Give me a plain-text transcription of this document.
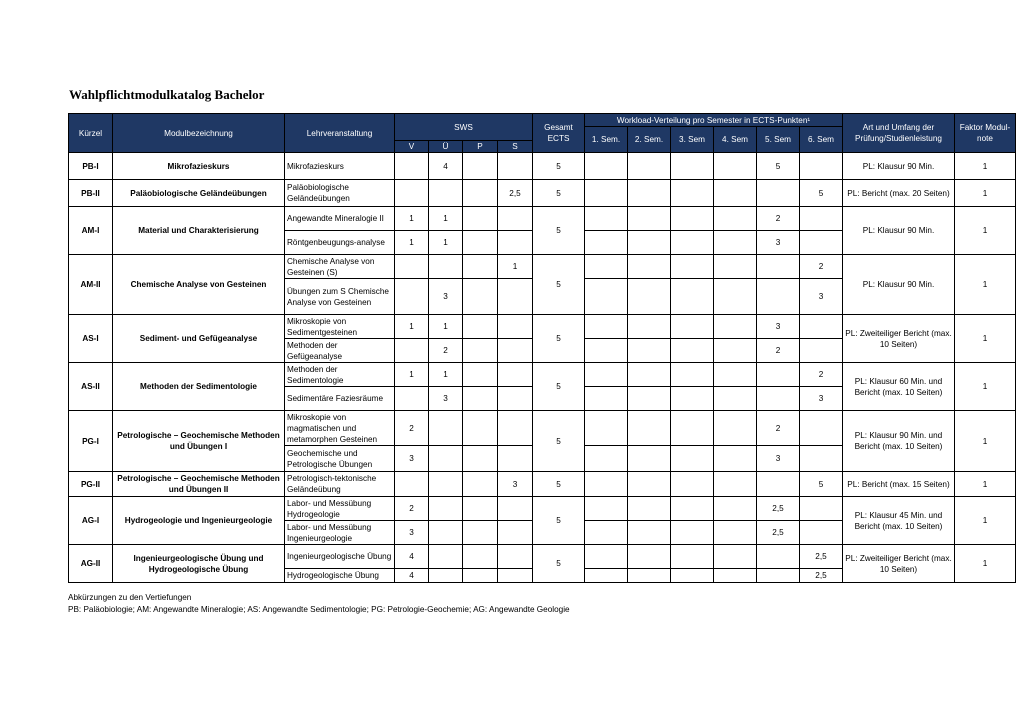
Wahlpflichtmodulkatalog Bachelor
Kürzel	Modulbezeichnung	Lehrveranstaltung	SWS				Gesamt ECTS	Workload-Verteilung pro Semester in ECTS-Punkten¹						Art und Umfang der Prüfung/Studienleistung	Faktor Modul-note
								1. Sem.	2. Sem.	3. Sem	4. Sem	5. Sem	6. Sem		
			V	Ü	P	S									
PB-I	Mikrofazieskurs	Mikrofazieskurs		4			5					5		PL: Klausur 90 Min.	1
PB-II	Paläobiologische Geländeübungen	Paläobiologische Geländeübungen				2,5	5						5	PL: Bericht (max. 20 Seiten)	1
AM-I	Material und Charakterisierung	Angewandte Mineralogie II	1	1			5					2		PL: Klausur 90 Min.	1
		Röntgenbeugungs-analyse	1	1								3			
AM-II	Chemische Analyse von Gesteinen	Chemische Analyse von Gesteinen (S)				1	5						2	PL: Klausur 90 Min.	1
		Übungen zum S Chemische Analyse von Gesteinen		3									3		
AS-I	Sediment- und Gefügeanalyse	Mikroskopie von Sedimentgesteinen	1	1			5					3		PL: Zweiteiliger Bericht (max. 10 Seiten)	1
		Methoden der Gefügeanalyse		2								2			
AS-II	Methoden der Sedimentologie	Methoden der Sedimentologie	1	1			5						2	PL: Klausur 60 Min. und Bericht (max. 10 Seiten)	1
		Sedimentäre Faziesräume		3									3		
PG-I	Petrologische – Geochemische Methoden und Übungen I	Mikroskopie von magmatischen und metamorphen Gesteinen	2				5					2		PL: Klausur 90 Min. und Bericht (max. 10 Seiten)	1
		Geochemische und Petrologische Übungen	3									3			
PG-II	Petrologische – Geochemische Methoden und Übungen II	Petrologisch-tektonische Geländeübung				3	5						5	PL: Bericht (max. 15 Seiten)	1
AG-I	Hydrogeologie und Ingenieurgeologie	Labor- und Messübung Hydrogeologie	2				5					2,5		PL: Klausur 45 Min. und Bericht (max. 10 Seiten)	1
		Labor- und Messübung Ingenieurgeologie	3									2,5			
AG-II	Ingenieurgeologische Übung und Hydrogeologische Übung	Ingenieurgeologische Übung	4				5						2,5	PL: Zweiteiliger Bericht (max. 10 Seiten)	1
		Hydrogeologische Übung	4										2,5		
Abkürzungen zu den Vertiefungen
PB: Paläobiologie; AM: Angewandte Mineralogie; AS: Angewandte Sedimentologie; PG: Petrologie-Geochemie; AG: Angewandte Geologie
